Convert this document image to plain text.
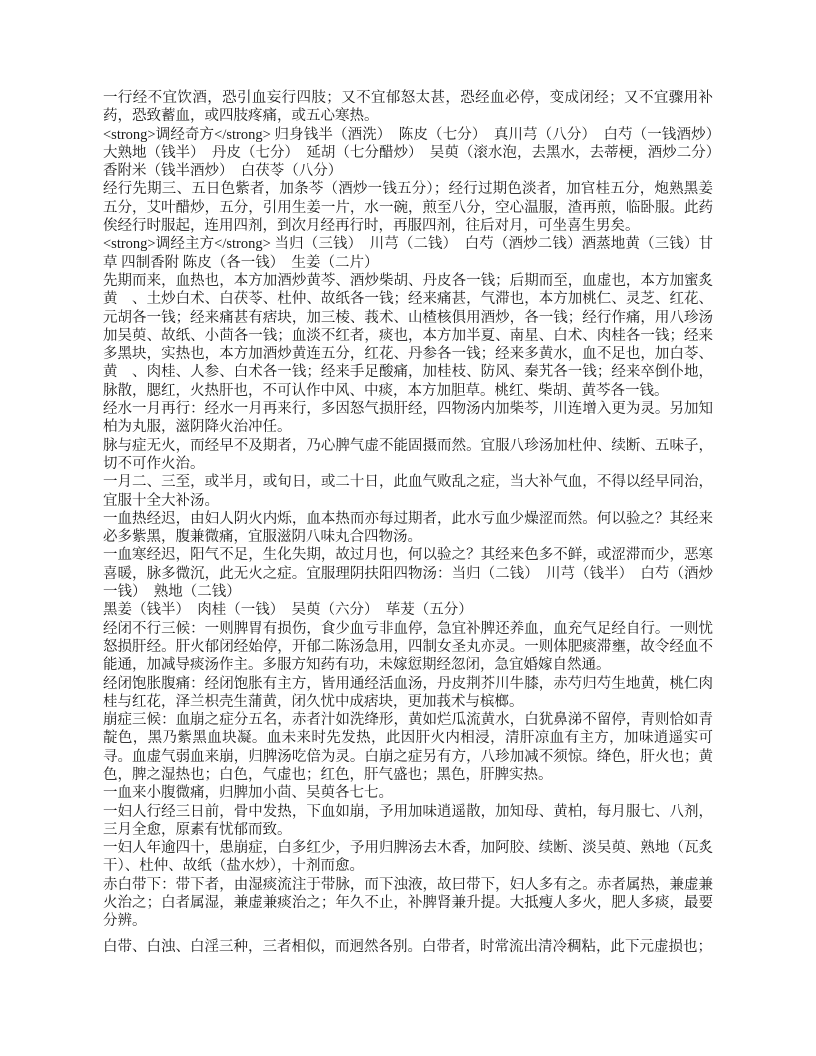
一行经不宜饮酒，恐引血妄行四肢；又不宜郁怒太甚，恐经血必停，变成闭经；又不宜骤用补药，恐致蓄血，或四肢疼痛，或五心寒热。

<strong>调经奇方</strong> 归身钱半（酒洗）　陈皮（七分）　真川芎（八分）　白芍（一钱酒炒）大熟地（钱半）　丹皮（七分）　延胡（七分醋炒）　吴萸（滚水泡，去黑水，去蒂梗，酒炒二分）香附米（钱半酒炒）　白茯苓（八分）

经行先期三、五日色紫者，加条芩（酒炒一钱五分）；经行过期色淡者，加官桂五分，炮熟黑姜五分，艾叶醋炒，五分，引用生姜一片，水一碗，煎至八分，空心温服，渣再煎，临卧服。此药俟经行时服起，连用四剂，到次月经再行时，再服四剂，往后对月，可坐喜生男矣。

<strong>调经主方</strong> 当归（三钱）　川芎（二钱）　白芍（酒炒二钱）酒蒸地黄（三钱）甘草 四制香附 陈皮（各一钱）　生姜（二片）

先期而来，血热也，本方加酒炒黄芩、酒炒柴胡、丹皮各一钱；后期而至，血虚也，本方加蜜炙黄　、土炒白术、白茯苓、杜仲、故纸各一钱；经来痛甚，气滞也，本方加桃仁、灵芝、红花、元胡各一钱；经来痛甚有痞块，加三棱、莪术、山楂核俱用酒炒，各一钱；经行作痛，用八珍汤加吴萸、故纸、小茴各一钱；血淡不红者，痰也，本方加半夏、南星、白术、肉桂各一钱；经来多黑块，实热也，本方加酒炒黄连五分，红花、丹参各一钱；经来多黄水，血不足也，加白苓、黄　、肉桂、人参、白术各一钱；经来手足酸痛，加桂枝、防风、秦艽各一钱；经来卒倒仆地，脉散，腮红，火热肝也，不可认作中风、中痰，本方加胆草。桃红、柴胡、黄芩各一钱。

经水一月再行：经水一月再来行，多因怒气损肝经，四物汤内加柴芩，川连增入更为灵。另加知柏为丸服，滋阴降火治冲任。

脉与症无火，而经早不及期者，乃心脾气虚不能固摄而然。宜服八珍汤加杜仲、续断、五味子，切不可作火治。

一月二、三至，或半月，或旬日，或二十日，此血气败乱之症，当大补气血，不得以经早同治，宜服十全大补汤。

一血热经迟，由妇人阴火内烁，血本热而亦每过期者，此水亏血少燥涩而然。何以验之？其经来必多紫黑，腹兼微痛，宜服滋阴八味丸合四物汤。

一血寒经迟，阳气不足，生化失期，故过月也，何以验之？其经来色多不鲜，或涩滞而少，恶寒喜暖，脉多微沉，此无火之症。宜服理阴扶阳四物汤：当归（二钱）　川芎（钱半）　白芍（酒炒一钱）　熟地（二钱）

黑姜（钱半）　肉桂（一钱）　吴萸（六分）　荜茇（五分）

经闭不行三候：一则脾胃有损伤，食少血亏非血停，急宜补脾还养血，血充气足经自行。一则忧怒损肝经。肝火郁闭经始停，开郁二陈汤急用，四制女圣丸亦灵。一则体肥痰滞壅，故令经血不能通，加减导痰汤作主。多服方知药有功，未嫁愆期经忽闭，急宜婚嫁自然通。

经闭饱胀腹痛：经闭饱胀有主方，皆用通经活血汤，丹皮荆芥川牛膝，赤芍归芍生地黄，桃仁肉桂与红花，泽兰枳壳生蒲黄，闭久忧中成痞块，更加莪术与槟榔。

崩症三候：血崩之症分五名，赤者汁如洗绛形，黄如烂瓜流黄水，白犹鼻涕不留停，青则恰如青靛色，黑乃紫黑血块凝。血未来时先发热，此因肝火内相浸，清肝凉血有主方，加味逍遥实可寻。血虚气弱血来崩，归脾汤吃倍为灵。白崩之症另有方，八珍加减不须惊。绛色，肝火也；黄色，脾之湿热也；白色，气虚也；红色，肝气盛也；黑色，肝脾实热。

一血来小腹微痛，归脾加小茴、吴萸各七七。

一妇人行经三日前，骨中发热，下血如崩，予用加味逍遥散，加知母、黄柏，每月服七、八剂，三月全愈，原素有忧郁而致。

一妇人年逾四十，患崩症，白多红少，予用归脾汤去木香，加阿胶、续断、淡吴萸、熟地（瓦炙干）、杜仲、故纸（盐水炒），十剂而愈。

赤白带下：带下者，由湿痰流注于带脉，而下浊液，故曰带下，妇人多有之。赤者属热，兼虚兼火治之；白者属湿，兼虚兼痰治之；年久不止，补脾肾兼升提。大抵瘦人多火，肥人多痰，最要分辨。

白带、白浊、白淫三种，三者相似，而迥然各别。白带者，时常流出清冷稠粘，此下元虚损也；
